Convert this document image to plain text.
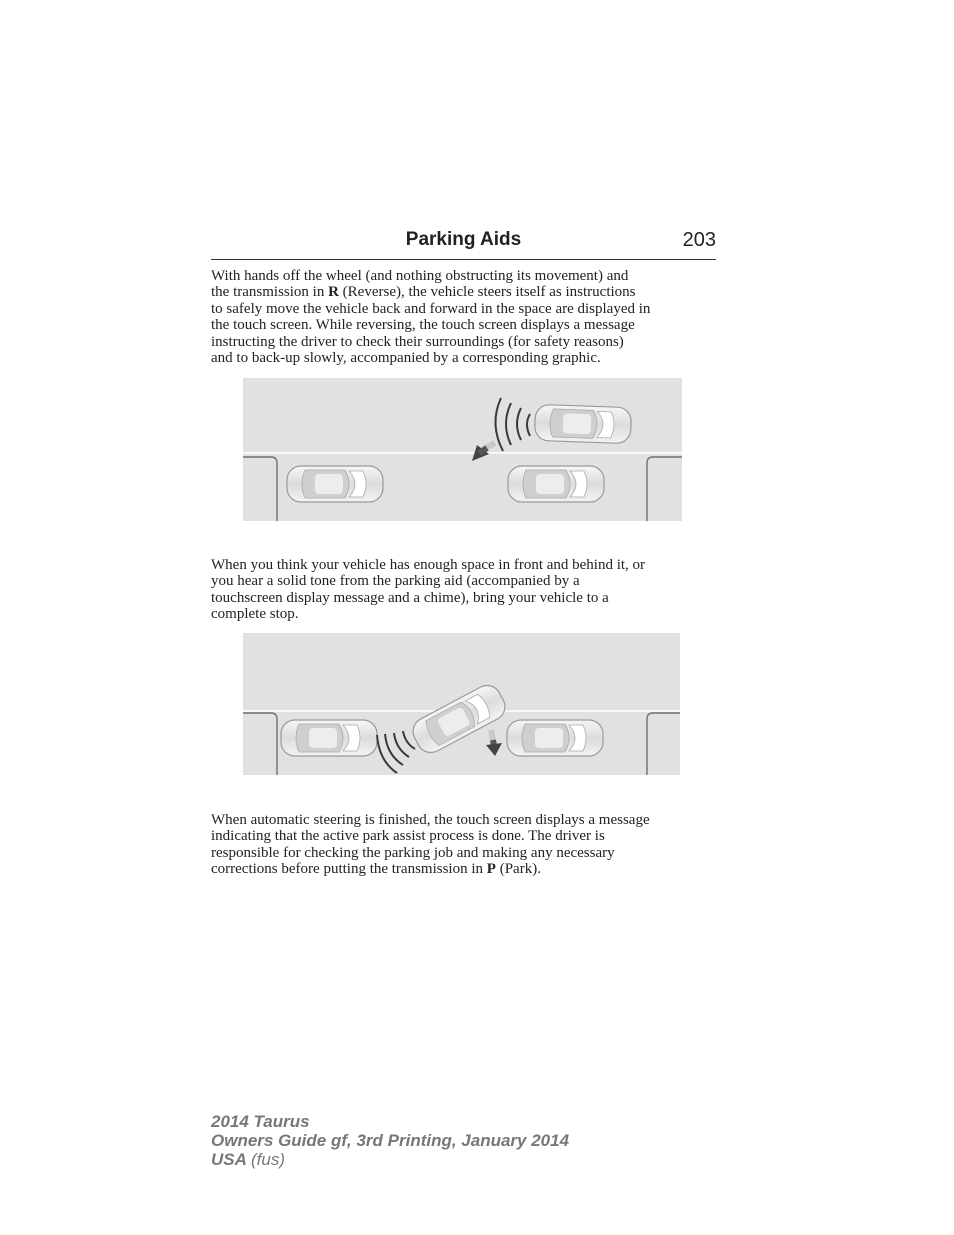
Parking Aids	203

With hands off the wheel (and nothing obstructing its movement) and
the transmission in R (Reverse), the vehicle steers itself as instructions
to safely move the vehicle back and forward in the space are displayed in
the touch screen. While reversing, the touch screen displays a message
instructing the driver to check their surroundings (for safety reasons)
and to back-up slowly, accompanied by a corresponding graphic.

When you think your vehicle has enough space in front and behind it, or
you hear a solid tone from the parking aid (accompanied by a
touchscreen display message and a chime), bring your vehicle to a
complete stop.

When automatic steering is finished, the touch screen displays a message
indicating that the active park assist process is done. The driver is
responsible for checking the parking job and making any necessary
corrections before putting the transmission in P (Park).

2014 Taurus
Owners Guide gf, 3rd Printing, January 2014
USA (fus)
